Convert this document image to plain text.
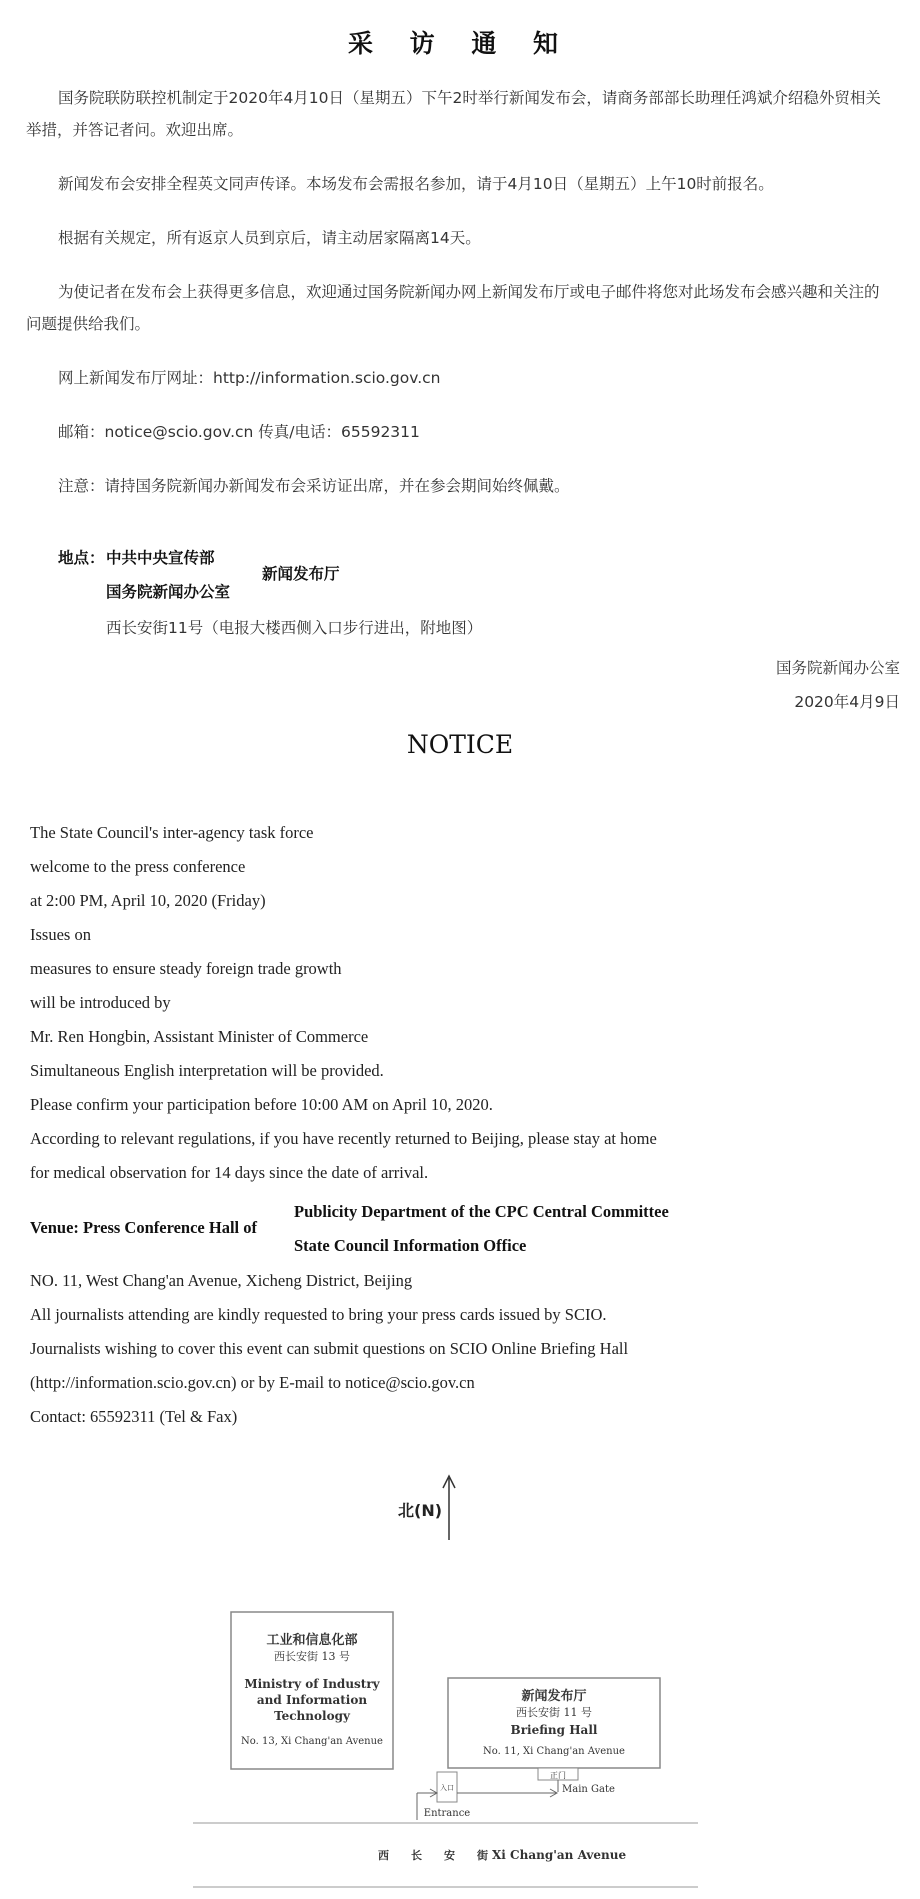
采 访 通 知
国务院联防联控机制定于2020年4月10日（星期五）下午2时举行新闻发布会，请商务部部长助理任鸿斌介绍稳外贸相关举措，并答记者问。欢迎出席。
新闻发布会安排全程英文同声传译。本场发布会需报名参加，请于4月10日（星期五）上午10时前报名。
根据有关规定，所有返京人员到京后，请主动居家隔离14天。
为使记者在发布会上获得更多信息，欢迎通过国务院新闻办网上新闻发布厅或电子邮件将您对此场发布会感兴趣和关注的问题提供给我们。
网上新闻发布厅网址：http://information.scio.gov.cn
邮箱：notice@scio.gov.cn 传真/电话：65592311
注意：请持国务院新闻办新闻发布会采访证出席，并在参会期间始终佩戴。
地点： 中共中央宣传部
国务院新闻办公室
新闻发布厅
西长安街11号（电报大楼西侧入口步行进出，附地图）
国务院新闻办公室
2020年4月9日
NOTICE
The State Council's inter-agency task force
welcome to the press conference
at 2:00 PM, April 10, 2020 (Friday)
Issues on
measures to ensure steady foreign trade growth
will be introduced by
Mr. Ren Hongbin, Assistant Minister of Commerce
Simultaneous English interpretation will be provided.
Please confirm your participation before 10:00 AM on April 10, 2020.
According to relevant regulations, if you have recently returned to Beijing, please stay at home
for medical observation for 14 days since the date of arrival.
Venue: Press Conference Hall of
Publicity Department of the CPC Central Committee
State Council Information Office
NO. 11, West Chang'an Avenue, Xicheng District, Beijing
All journalists attending are kindly requested to bring your press cards issued by SCIO.
Journalists wishing to cover this event can submit questions on SCIO Online Briefing Hall
(http://information.scio.gov.cn) or by E-mail to notice@scio.gov.cn
Contact: 65592311 (Tel & Fax)
北(N)
工业和信息化部
西长安街 13 号
Ministry of Industry
and Information
Technology
No. 13, Xi Chang'an Avenue
新闻发布厅
西长安街 11 号
Briefing Hall
No. 11, Xi Chang'an Avenue
正门
Main Gate
入口
Entrance
西　　长　　安　　街 Xi Chang'an Avenue
